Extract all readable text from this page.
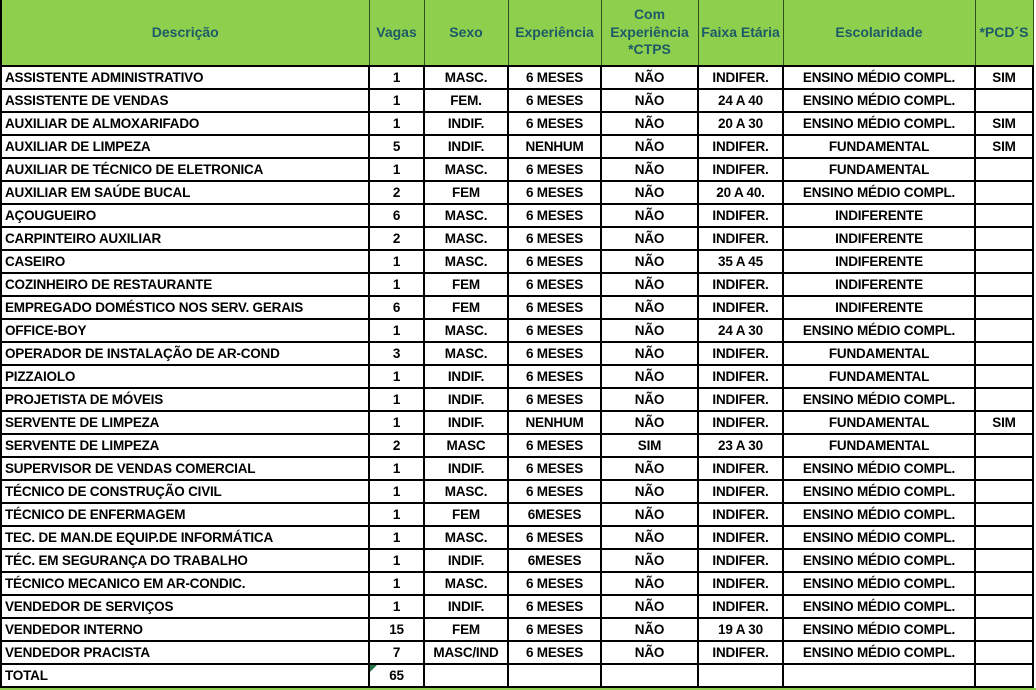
Descrição	Vagas	Sexo	Experiência	Com Experiência *CTPS	Faixa Etária	Escolaridade	*PCD´S
ASSISTENTE ADMINISTRATIVO	1	MASC.	6 MESES	NÃO	INDIFER.	ENSINO MÉDIO COMPL.	SIM
ASSISTENTE DE VENDAS	1	FEM.	6 MESES	NÃO	24 A 40	ENSINO MÉDIO COMPL.	
AUXILIAR DE ALMOXARIFADO	1	INDIF.	6 MESES	NÃO	20 A 30	ENSINO MÉDIO COMPL.	SIM
AUXILIAR DE LIMPEZA	5	INDIF.	NENHUM	NÃO	INDIFER.	FUNDAMENTAL	SIM
AUXILIAR DE TÉCNICO DE ELETRONICA	1	MASC.	6 MESES	NÃO	INDIFER.	FUNDAMENTAL	
AUXILIAR EM SAÚDE BUCAL	2	FEM	6 MESES	NÃO	20 A 40.	ENSINO MÉDIO COMPL.	
AÇOUGUEIRO	6	MASC.	6 MESES	NÃO	INDIFER.	INDIFERENTE	
CARPINTEIRO AUXILIAR	2	MASC.	6 MESES	NÃO	INDIFER.	INDIFERENTE	
CASEIRO	1	MASC.	6 MESES	NÃO	35 A 45	INDIFERENTE	
COZINHEIRO DE RESTAURANTE	1	FEM	6 MESES	NÃO	INDIFER.	INDIFERENTE	
EMPREGADO DOMÉSTICO NOS SERV. GERAIS	6	FEM	6 MESES	NÃO	INDIFER.	INDIFERENTE	
OFFICE-BOY	1	MASC.	6 MESES	NÃO	24 A 30	ENSINO MÉDIO COMPL.	
OPERADOR DE INSTALAÇÃO DE AR-COND	3	MASC.	6 MESES	NÃO	INDIFER.	FUNDAMENTAL	
PIZZAIOLO	1	INDIF.	6 MESES	NÃO	INDIFER.	FUNDAMENTAL	
PROJETISTA DE MÓVEIS	1	INDIF.	6 MESES	NÃO	INDIFER.	ENSINO MÉDIO COMPL.	
SERVENTE DE LIMPEZA	1	INDIF.	NENHUM	NÃO	INDIFER.	FUNDAMENTAL	SIM
SERVENTE DE LIMPEZA	2	MASC	6 MESES	SIM	23 A 30	FUNDAMENTAL	
SUPERVISOR DE VENDAS COMERCIAL	1	INDIF.	6 MESES	NÃO	INDIFER.	ENSINO MÉDIO COMPL.	
TÉCNICO DE CONSTRUÇÃO CIVIL	1	MASC.	6 MESES	NÃO	INDIFER.	ENSINO MÉDIO COMPL.	
TÉCNICO DE ENFERMAGEM	1	FEM	6MESES	NÃO	INDIFER.	ENSINO MÉDIO COMPL.	
TEC. DE MAN.DE EQUIP.DE INFORMÁTICA	1	MASC.	6 MESES	NÃO	INDIFER.	ENSINO MÉDIO COMPL.	
TÉC. EM SEGURANÇA DO TRABALHO	1	INDIF.	6MESES	NÃO	INDIFER.	ENSINO MÉDIO COMPL.	
TÉCNICO MECANICO EM AR-CONDIC.	1	MASC.	6 MESES	NÃO	INDIFER.	ENSINO MÉDIO COMPL.	
VENDEDOR DE SERVIÇOS	1	INDIF.	6 MESES	NÃO	INDIFER.	ENSINO MÉDIO COMPL.	
VENDEDOR INTERNO	15	FEM	6 MESES	NÃO	19 A 30	ENSINO MÉDIO COMPL.	
VENDEDOR PRACISTA	7	MASC/IND	6 MESES	NÃO	INDIFER.	ENSINO MÉDIO COMPL.	
TOTAL	65						
